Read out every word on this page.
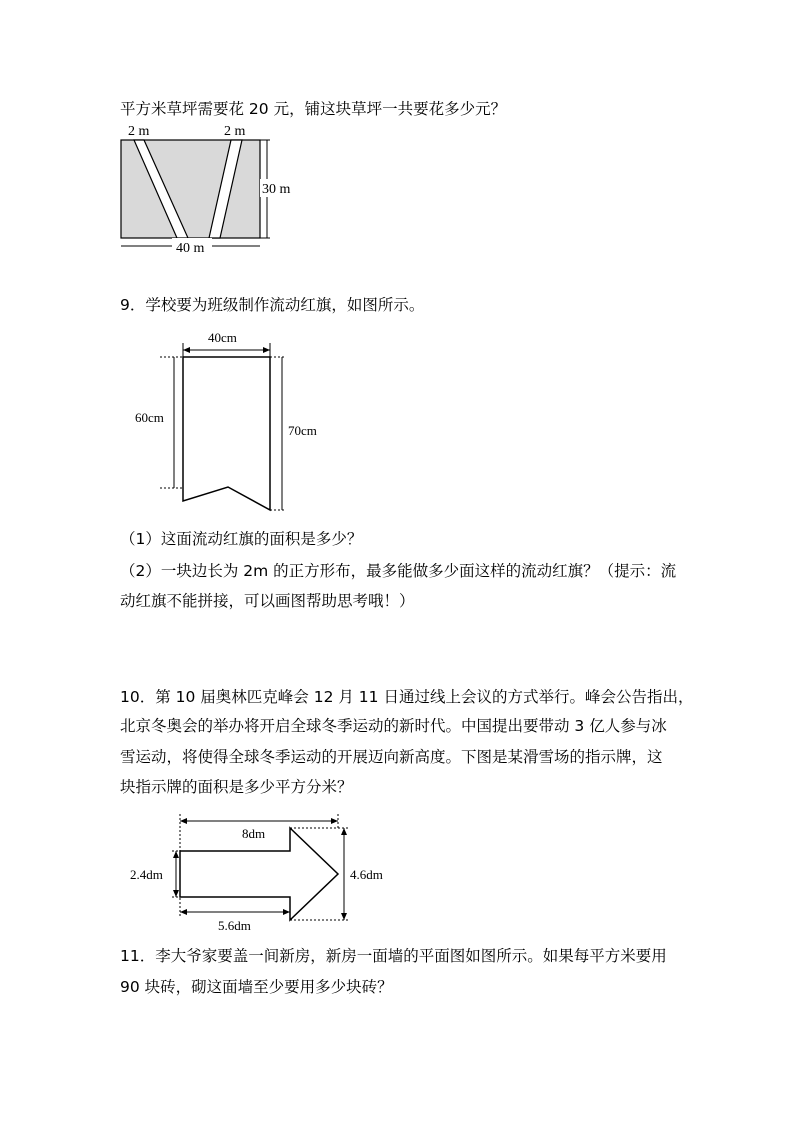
平方米草坪需要花 20 元，铺这块草坪一共要花多少元？
2 m	2 m
30 m
40 m
9．学校要为班级制作流动红旗，如图所示。
40cm
60cm
70cm
（1）这面流动红旗的面积是多少？
（2）一块边长为 2m 的正方形布，最多能做多少面这样的流动红旗？（提示：流
动红旗不能拼接，可以画图帮助思考哦！）
10．第 10 届奥林匹克峰会 12 月 11 日通过线上会议的方式举行。峰会公告指出，
北京冬奥会的举办将开启全球冬季运动的新时代。中国提出要带动 3 亿人参与冰
雪运动，将使得全球冬季运动的开展迈向新高度。下图是某滑雪场的指示牌，这
块指示牌的面积是多少平方分米？
8dm
2.4dm	4.6dm
5.6dm
11．李大爷家要盖一间新房，新房一面墙的平面图如图所示。如果每平方米要用
90 块砖，砌这面墙至少要用多少块砖？
